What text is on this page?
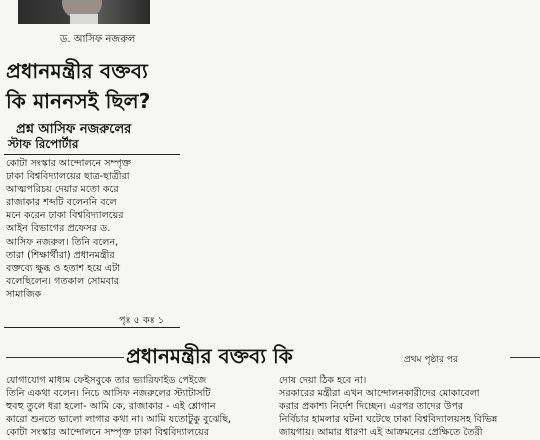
ড. আসিফ নজরুল
প্রধানমন্ত্রীর বক্তব্য
কি মাননসই ছিল?
প্রশ্ন আসিফ নজরুলের
স্টাফ রিপোর্টার

কোটা সংস্কার আন্দোলনে সম্পৃক্ত

ঢাকা বিশ্ববিদ্যালয়ের ছাত্র-ছাত্রীরা

আত্মপরিচয় দেয়ার মতো করে

রাজাকার শব্দটি বলেননি বলে

মনে করেন ঢাকা বিশ্ববিদ্যালয়ের

আইন বিভাগের প্রফেসর ড.

আসিফ নজরুল। তিনি বলেন,

তারা (শিক্ষার্থীরা) প্রধানমন্ত্রীর

বক্তব্যে ক্ষুব্ধ ও হতাশ হয়ে এটা

বলেছিলেন। গতকাল সোমবার

সামাজিক

পৃঃ ৫ কঃ ১
প্রধানমন্ত্রীর বক্তব্য কি	প্রথম পৃষ্ঠার পর

যোগাযোগ মাধ্যম ফেইসবুকে তার ভ্যারিফাইড পেইজে

তিনি একথা বলেন। নিচে আসিফ নজরুলের স্ট্যাটাসটি

হুবহু তুলে ধরা হলো- আমি কে, রাজাকার - এই শ্লোগান

কারো শুনতে ভালো লাগার কথা না। আমি যতোটুকু বুঝেছি,

কোটা সংস্কার আন্দোলনে সম্পৃক্ত ঢাকা বিশ্ববিদ্যালয়ের

দোষ দেয়া ঠিক হবে না।

সরকারের মন্ত্রীরা এখন আন্দোলনকারীদের মোকাবেলা

করার প্রকাশ্য নির্দেশ দিচ্ছেন। এরপর তাদের উপর

নির্বিচার হামলার ঘটনা ঘটেছে ঢাকা বিশ্ববিদ্যালয়সহ বিভিন্ন

জায়গায়। আমার ধারণা এই আক্রমনের প্রেক্ষিতে তৈরী
